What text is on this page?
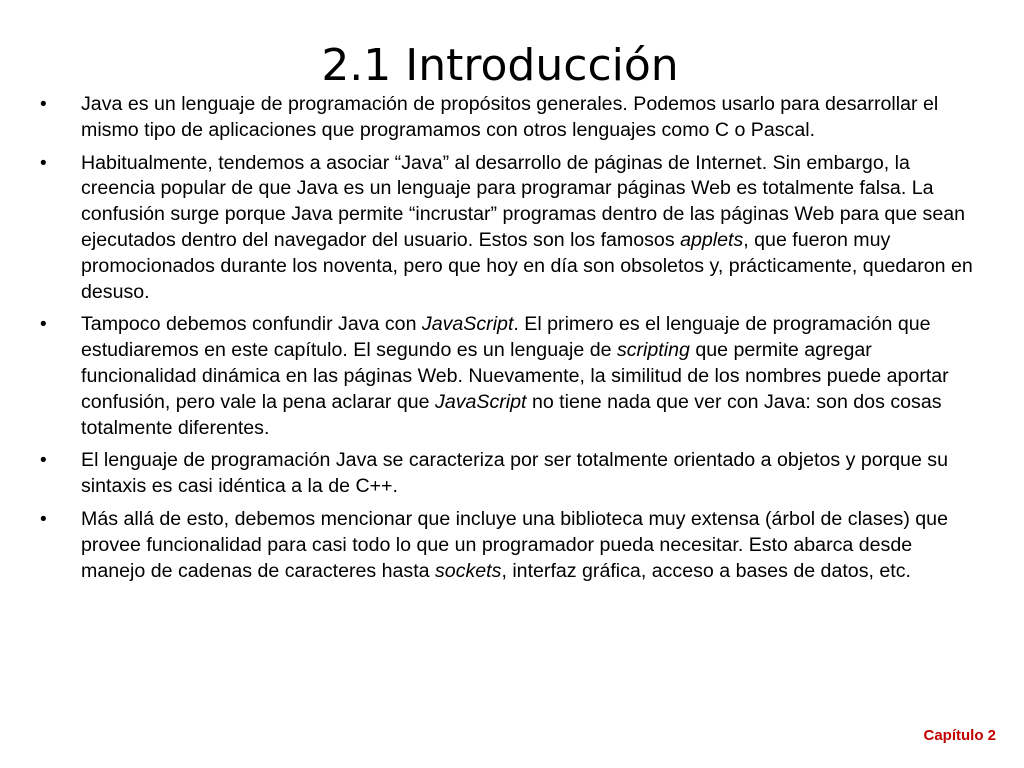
2.1 Introducción
•	Java es un lenguaje de programación de propósitos generales. Podemos usarlo para desarrollar el mismo tipo de aplicaciones que programamos con otros lenguajes como C o Pascal.
•	Habitualmente, tendemos a asociar “Java” al desarrollo de páginas de Internet. Sin embargo, la creencia popular de que Java es un lenguaje para programar páginas Web es totalmente falsa. La confusión surge porque Java permite “incrustar” programas dentro de las páginas Web para que sean ejecutados dentro del navegador del usuario. Estos son los famosos applets, que fueron muy promocionados durante los noventa, pero que hoy en día son obsoletos y, prácticamente, quedaron en desuso.
•	Tampoco debemos confundir Java con JavaScript. El primero es el lenguaje de programación que estudiaremos en este capítulo. El segundo es un lenguaje de scripting que permite agregar funcionalidad dinámica en las páginas Web. Nuevamente, la similitud de los nombres puede aportar confusión, pero vale la pena aclarar que JavaScript no tiene nada que ver con Java: son dos cosas totalmente diferentes.
•	El lenguaje de programación Java se caracteriza por ser totalmente orientado a objetos y porque su sintaxis es casi idéntica a la de C++.
•	Más allá de esto, debemos mencionar que incluye una biblioteca muy extensa (árbol de clases) que provee funcionalidad para casi todo lo que un programador pueda necesitar. Esto abarca desde manejo de cadenas de caracteres hasta sockets, interfaz gráfica, acceso a bases de datos, etc.
Capítulo 2
